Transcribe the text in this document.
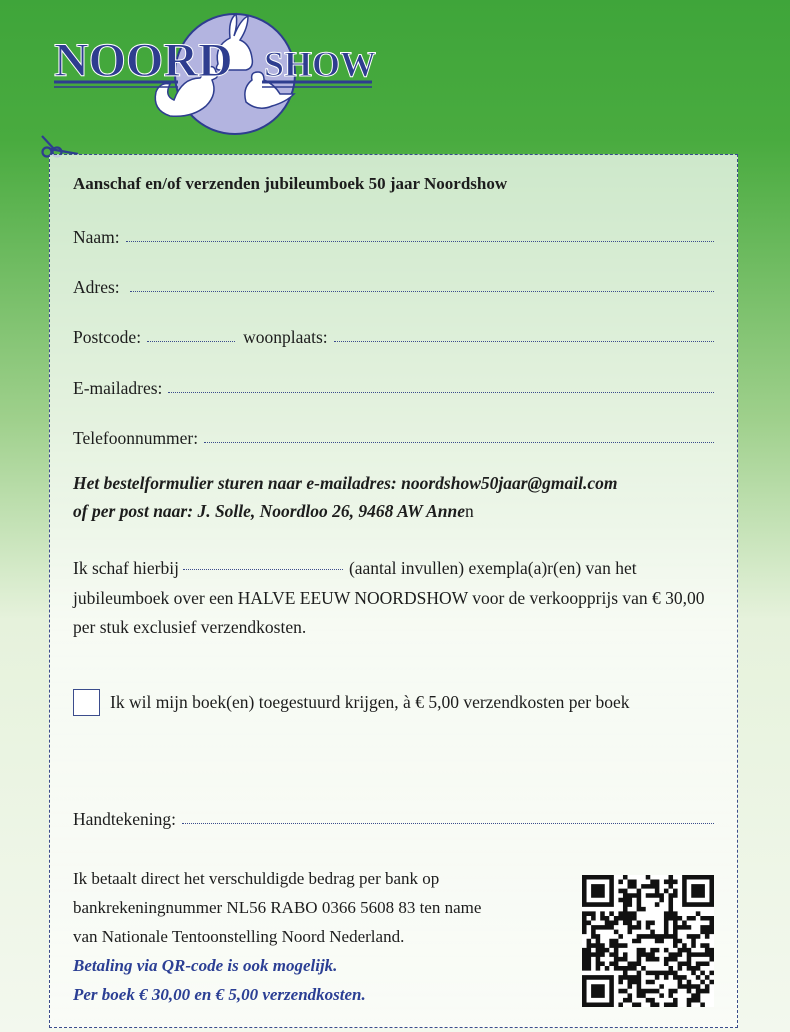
NOORD SHOW
Aanschaf en/of verzenden jubileumboek 50 jaar Noordshow
Naam:
Adres:
Postcode:	woonplaats:
E-mailadres:
Telefoonnummer:
Het bestelformulier sturen naar e-mailadres: noordshow50jaar@gmail.com
of per post naar: J. Solle, Noordloo 26, 9468 AW Annen
Ik schaf hierbij	(aantal invullen) exempla(a)r(en) van het jubileumboek over een HALVE EEUW NOORDSHOW voor de verkoopprijs van € 30,00 per stuk exclusief verzendkosten.
Ik wil mijn boek(en) toegestuurd krijgen, à € 5,00 verzendkosten per boek
Handtekening:
Ik betaalt direct het verschuldigde bedrag per bank op
bankrekeningnummer NL56 RABO 0366 5608 83 ten name
van Nationale Tentoonstelling Noord Nederland.
Betaling via QR-code is ook mogelijk.
Per boek € 30,00 en € 5,00 verzendkosten.
